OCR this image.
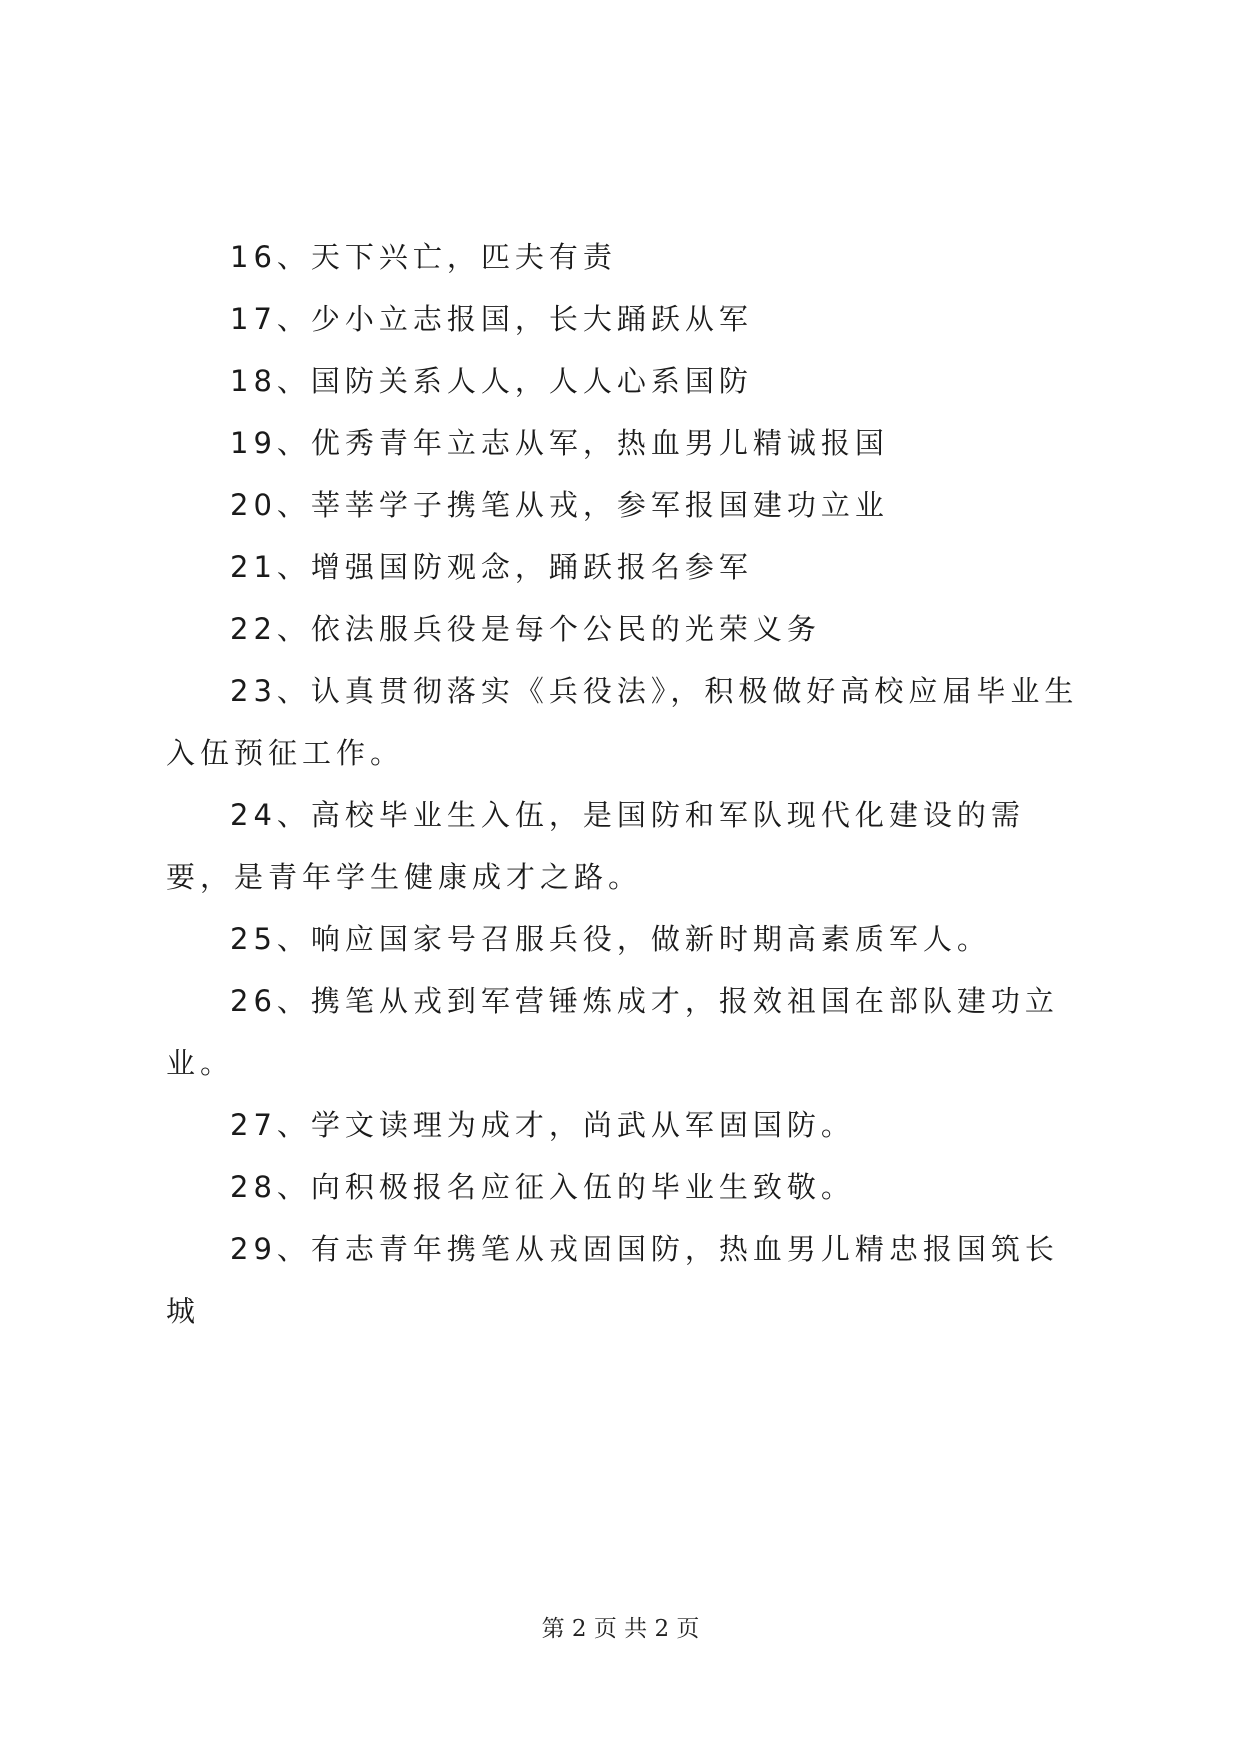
16、天下兴亡，匹夫有责

17、少小立志报国，长大踊跃从军

18、国防关系人人，人人心系国防

19、优秀青年立志从军，热血男儿精诚报国

20、莘莘学子携笔从戎，参军报国建功立业

21、增强国防观念，踊跃报名参军

22、依法服兵役是每个公民的光荣义务

23、认真贯彻落实《兵役法》，积极做好高校应届毕业生入伍预征工作。

24、高校毕业生入伍，是国防和军队现代化建设的需要，是青年学生健康成才之路。

25、响应国家号召服兵役，做新时期高素质军人。

26、携笔从戎到军营锤炼成才，报效祖国在部队建功立业。

27、学文读理为成才，尚武从军固国防。

28、向积极报名应征入伍的毕业生致敬。

29、有志青年携笔从戎固国防，热血男儿精忠报国筑长城

第 2 页 共 2 页
